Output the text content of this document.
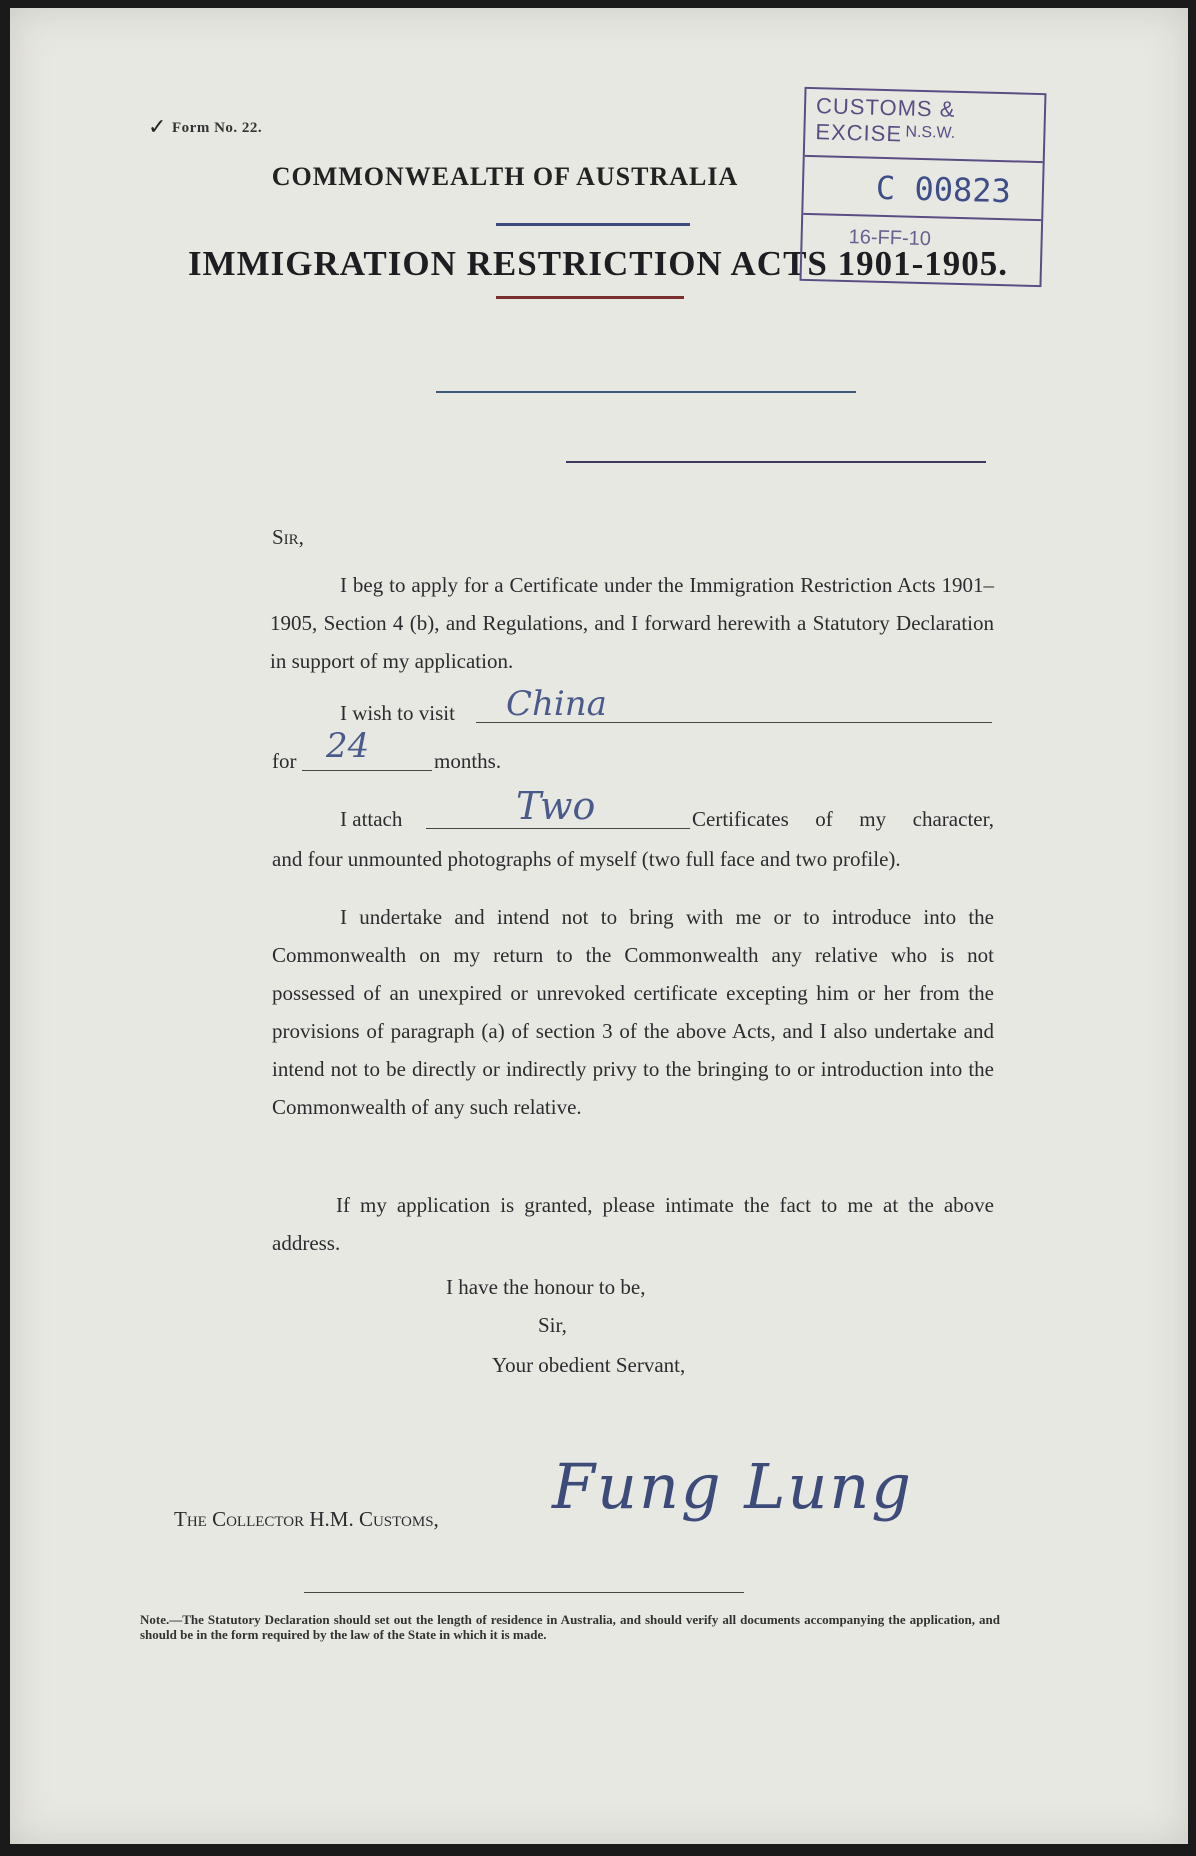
✓ Form No. 22.
COMMONWEALTH OF AUSTRALIA
IMMIGRATION RESTRICTION ACTS 1901-1905.
CUSTOMS & EXCISE N.S.W.
C 00823
16-FF-10
Sir,
I beg to apply for a Certificate under the Immigration Restriction Acts 1901–1905, Section 4 (b), and Regulations, and I forward herewith a Statutory Declaration in support of my application.
I wish to visit China
for 24	months.
I attach	Two	Certificates of my character,
and four unmounted photographs of myself (two full face and two profile).
I undertake and intend not to bring with me or to introduce into the Commonwealth on my return to the Commonwealth any relative who is not possessed of an unexpired or unrevoked certificate excepting him or her from the provisions of paragraph (a) of section 3 of the above Acts, and I also undertake and intend not to be directly or indirectly privy to the bringing to or introduction into the Commonwealth of any such relative.
If my application is granted, please intimate the fact to me at the above address.
I have the honour to be,
Sir,
Your obedient Servant,
The Collector H.M. Customs, Fung Lung
Note.—The Statutory Declaration should set out the length of residence in Australia, and should verify all documents accompanying the application, and should be in the form required by the law of the State in which it is made.
